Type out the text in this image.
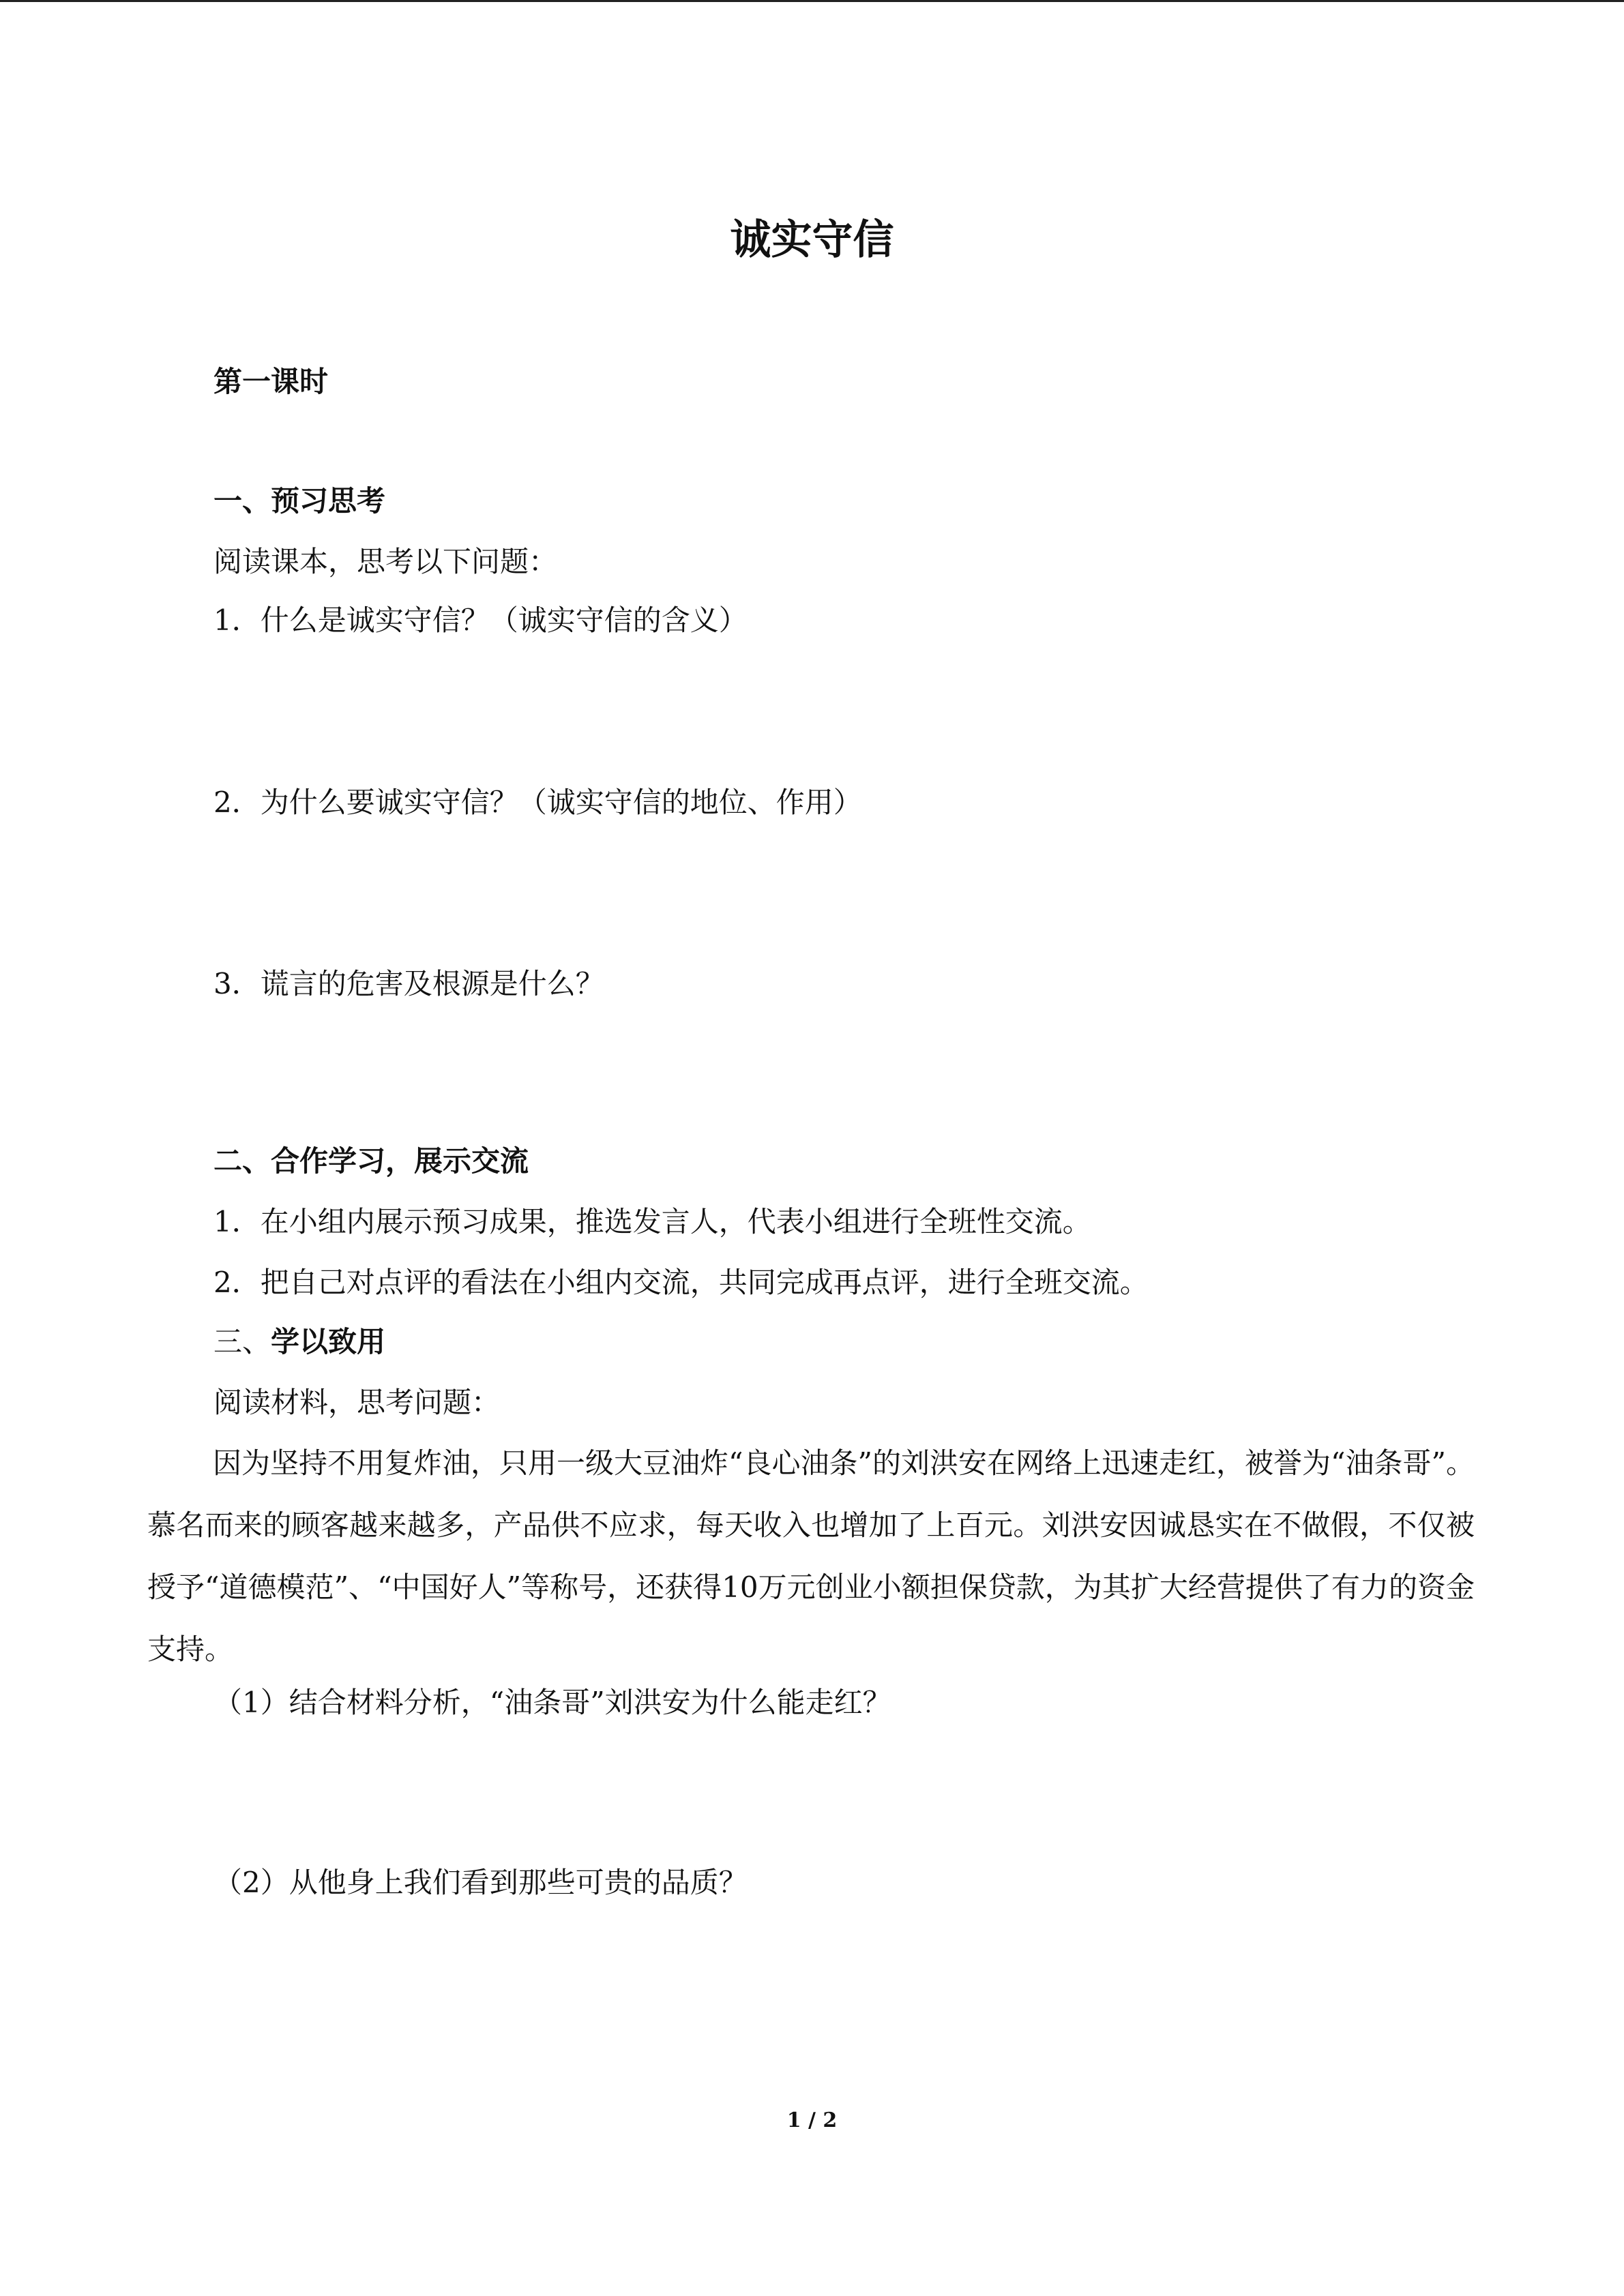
诚实守信
第一课时
一、预习思考
阅读课本，思考以下问题：
1．什么是诚实守信？（诚实守信的含义）
2．为什么要诚实守信？（诚实守信的地位、作用）
3．谎言的危害及根源是什么？
二、合作学习，展示交流
1．在小组内展示预习成果，推选发言人，代表小组进行全班性交流。
2．把自己对点评的看法在小组内交流，共同完成再点评，进行全班交流。
三、学以致用
阅读材料，思考问题：
因为坚持不用复炸油，只用一级大豆油炸“良心油条”的刘洪安在网络上迅速走红，被誉为“油条哥”。慕名而来的顾客越来越多，产品供不应求，每天收入也增加了上百元。刘洪安因诚恳实在不做假，不仅被授予“道德模范”、“中国好人”等称号，还获得10万元创业小额担保贷款，为其扩大经营提供了有力的资金支持。
（1）结合材料分析，“油条哥”刘洪安为什么能走红？
（2）从他身上我们看到那些可贵的品质？
1 / 2
